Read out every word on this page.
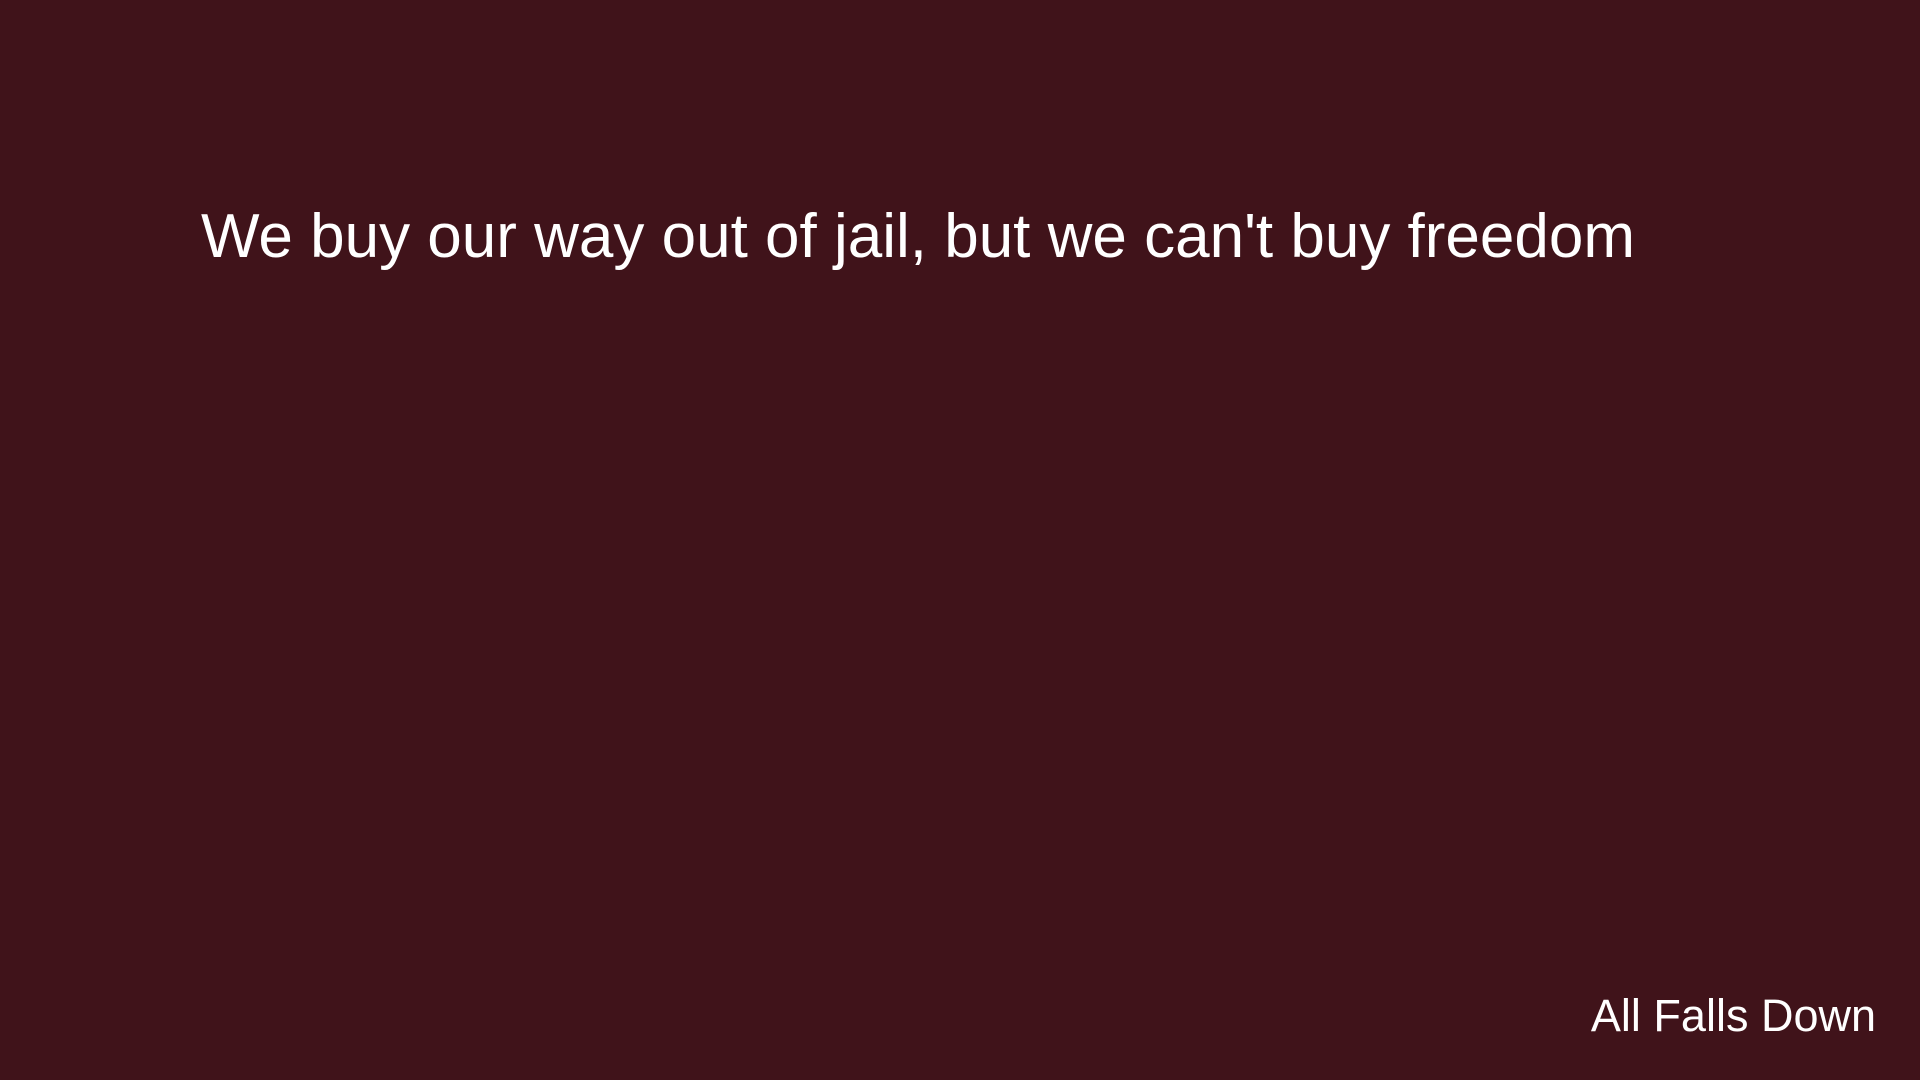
We buy our way out of jail, but we can't buy freedom
All Falls Down
